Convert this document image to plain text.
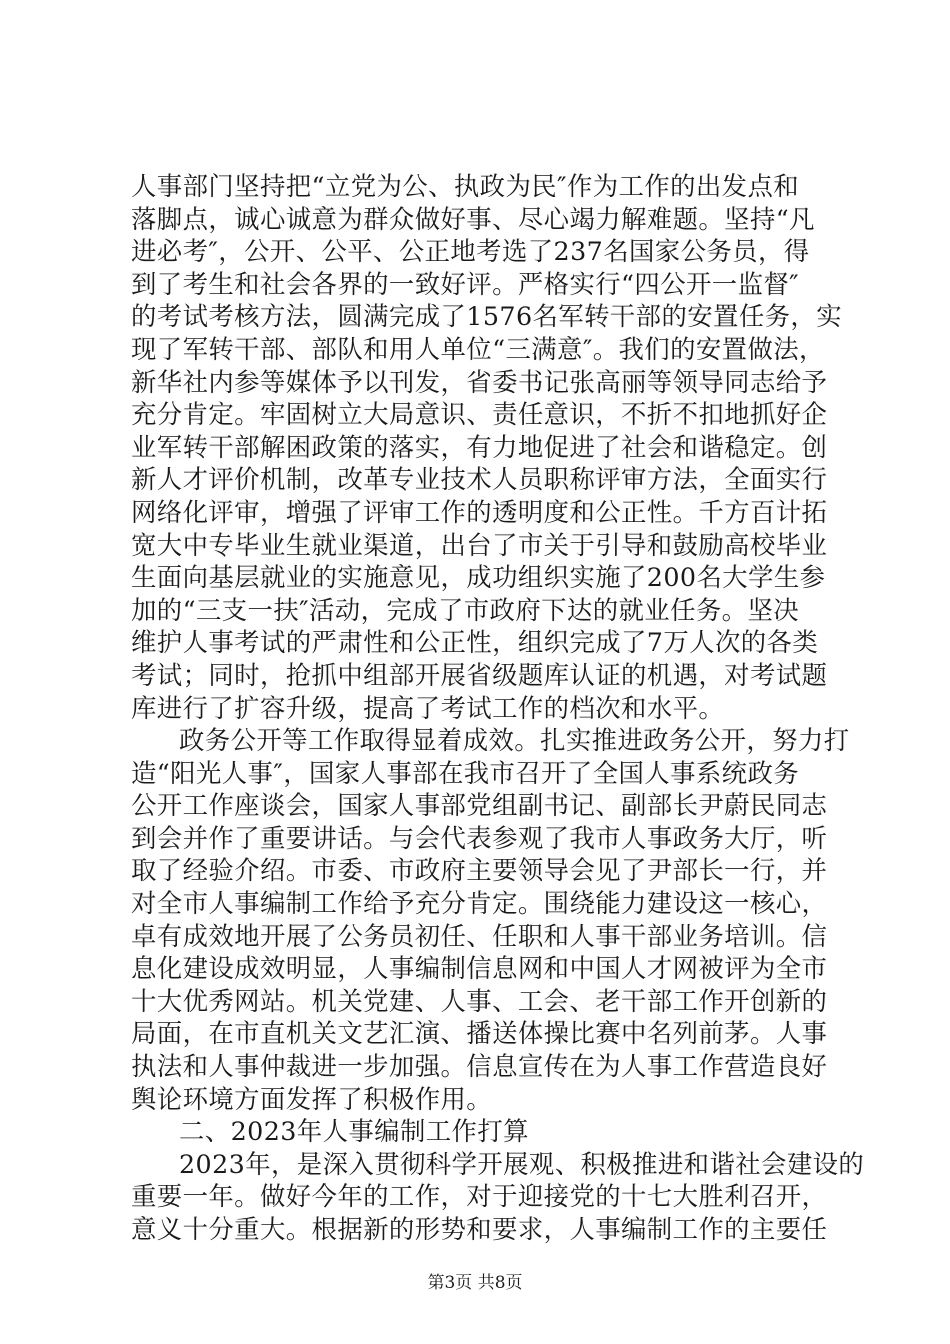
人事部门坚持把“立党为公、执政为民″作为工作的出发点和
落脚点，诚心诚意为群众做好事、尽心竭力解难题。坚持“凡
进必考″，公开、公平、公正地考选了237名国家公务员，得
到了考生和社会各界的一致好评。严格实行“四公开一监督″
的考试考核方法，圆满完成了1576名军转干部的安置任务，实
现了军转干部、部队和用人单位“三满意″。我们的安置做法，
新华社内参等媒体予以刊发，省委书记张高丽等领导同志给予
充分肯定。牢固树立大局意识、责任意识，不折不扣地抓好企
业军转干部解困政策的落实，有力地促进了社会和谐稳定。创
新人才评价机制，改革专业技术人员职称评审方法，全面实行
网络化评审，增强了评审工作的透明度和公正性。千方百计拓
宽大中专毕业生就业渠道，出台了市关于引导和鼓励高校毕业
生面向基层就业的实施意见，成功组织实施了200名大学生参
加的“三支一扶″活动，完成了市政府下达的就业任务。坚决
维护人事考试的严肃性和公正性，组织完成了7万人次的各类
考试；同时，抢抓中组部开展省级题库认证的机遇，对考试题
库进行了扩容升级，提高了考试工作的档次和水平。
政务公开等工作取得显着成效。扎实推进政务公开，努力打
造“阳光人事″，国家人事部在我市召开了全国人事系统政务
公开工作座谈会，国家人事部党组副书记、副部长尹蔚民同志
到会并作了重要讲话。与会代表参观了我市人事政务大厅，听
取了经验介绍。市委、市政府主要领导会见了尹部长一行，并
对全市人事编制工作给予充分肯定。围绕能力建设这一核心，
卓有成效地开展了公务员初任、任职和人事干部业务培训。信
息化建设成效明显，人事编制信息网和中国人才网被评为全市
十大优秀网站。机关党建、人事、工会、老干部工作开创新的
局面，在市直机关文艺汇演、播送体操比赛中名列前茅。人事
执法和人事仲裁进一步加强。信息宣传在为人事工作营造良好
舆论环境方面发挥了积极作用。
二、2023年人事编制工作打算
2023年，是深入贯彻科学开展观、积极推进和谐社会建设的
重要一年。做好今年的工作，对于迎接党的十七大胜利召开，
意义十分重大。根据新的形势和要求，人事编制工作的主要任
第3页 共8页
